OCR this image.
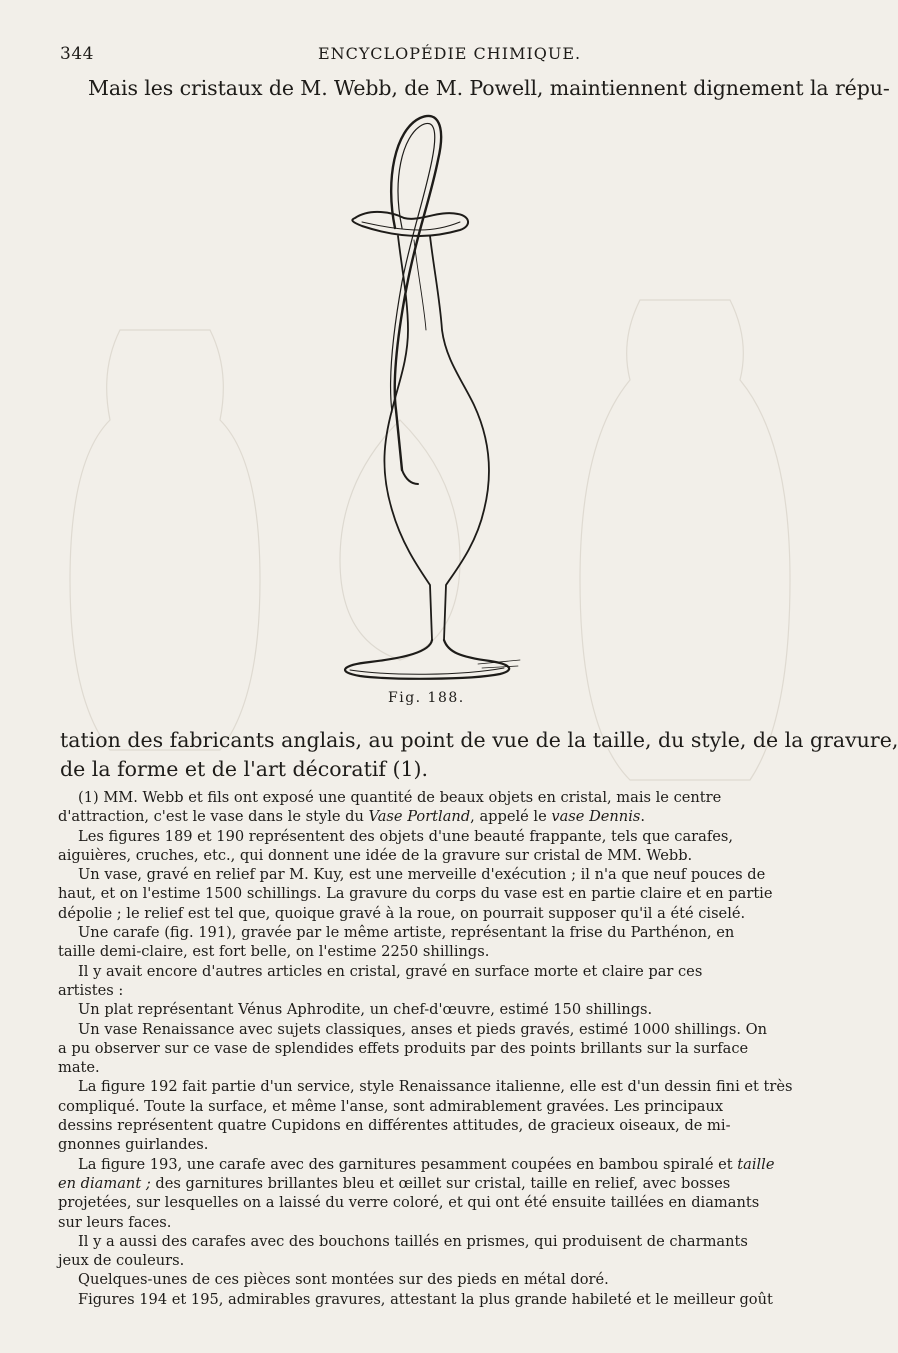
344	ENCYCLOPÉDIE CHIMIQUE.
Mais les cristaux de M. Webb, de M. Powell, maintiennent dignement la répu-
Fig. 188.
tation des fabricants anglais, au point de vue de la taille, du style, de la gravure,
de la forme et de l'art décoratif (1).

(1) MM. Webb et fils ont exposé une quantité de beaux objets en cristal, mais le centre
d'attraction, c'est le vase dans le style du Vase Portland, appelé le vase Dennis.

Les figures 189 et 190 représentent des objets d'une beauté frappante, tels que carafes,
aiguières, cruches, etc., qui donnent une idée de la gravure sur cristal de MM. Webb.

Un vase, gravé en relief par M. Kuy, est une merveille d'exécution ; il n'a que neuf pouces de
haut, et on l'estime 1500 schillings. La gravure du corps du vase est en partie claire et en partie
dépolie ; le relief est tel que, quoique gravé à la roue, on pourrait supposer qu'il a été ciselé.

Une carafe (fig. 191), gravée par le même artiste, représentant la frise du Parthénon, en
taille demi-claire, est fort belle, on l'estime 2250 shillings.

Il y avait encore d'autres articles en cristal, gravé en surface morte et claire par ces
artistes :

Un plat représentant Vénus Aphrodite, un chef-d'œuvre, estimé 150 shillings.

Un vase Renaissance avec sujets classiques, anses et pieds gravés, estimé 1000 shillings. On
a pu observer sur ce vase de splendides effets produits par des points brillants sur la surface
mate.

La figure 192 fait partie d'un service, style Renaissance italienne, elle est d'un dessin fini et très
compliqué. Toute la surface, et même l'anse, sont admirablement gravées. Les principaux
dessins représentent quatre Cupidons en différentes attitudes, de gracieux oiseaux, de mi-
gnonnes guirlandes.

La figure 193, une carafe avec des garnitures pesamment coupées en bambou spiralé et taille
en diamant ; des garnitures brillantes bleu et œillet sur cristal, taille en relief, avec bosses
projetées, sur lesquelles on a laissé du verre coloré, et qui ont été ensuite taillées en diamants
sur leurs faces.

Il y a aussi des carafes avec des bouchons taillés en prismes, qui produisent de charmants
jeux de couleurs.

Quelques-unes de ces pièces sont montées sur des pieds en métal doré.

Figures 194 et 195, admirables gravures, attestant la plus grande habileté et le meilleur goût
